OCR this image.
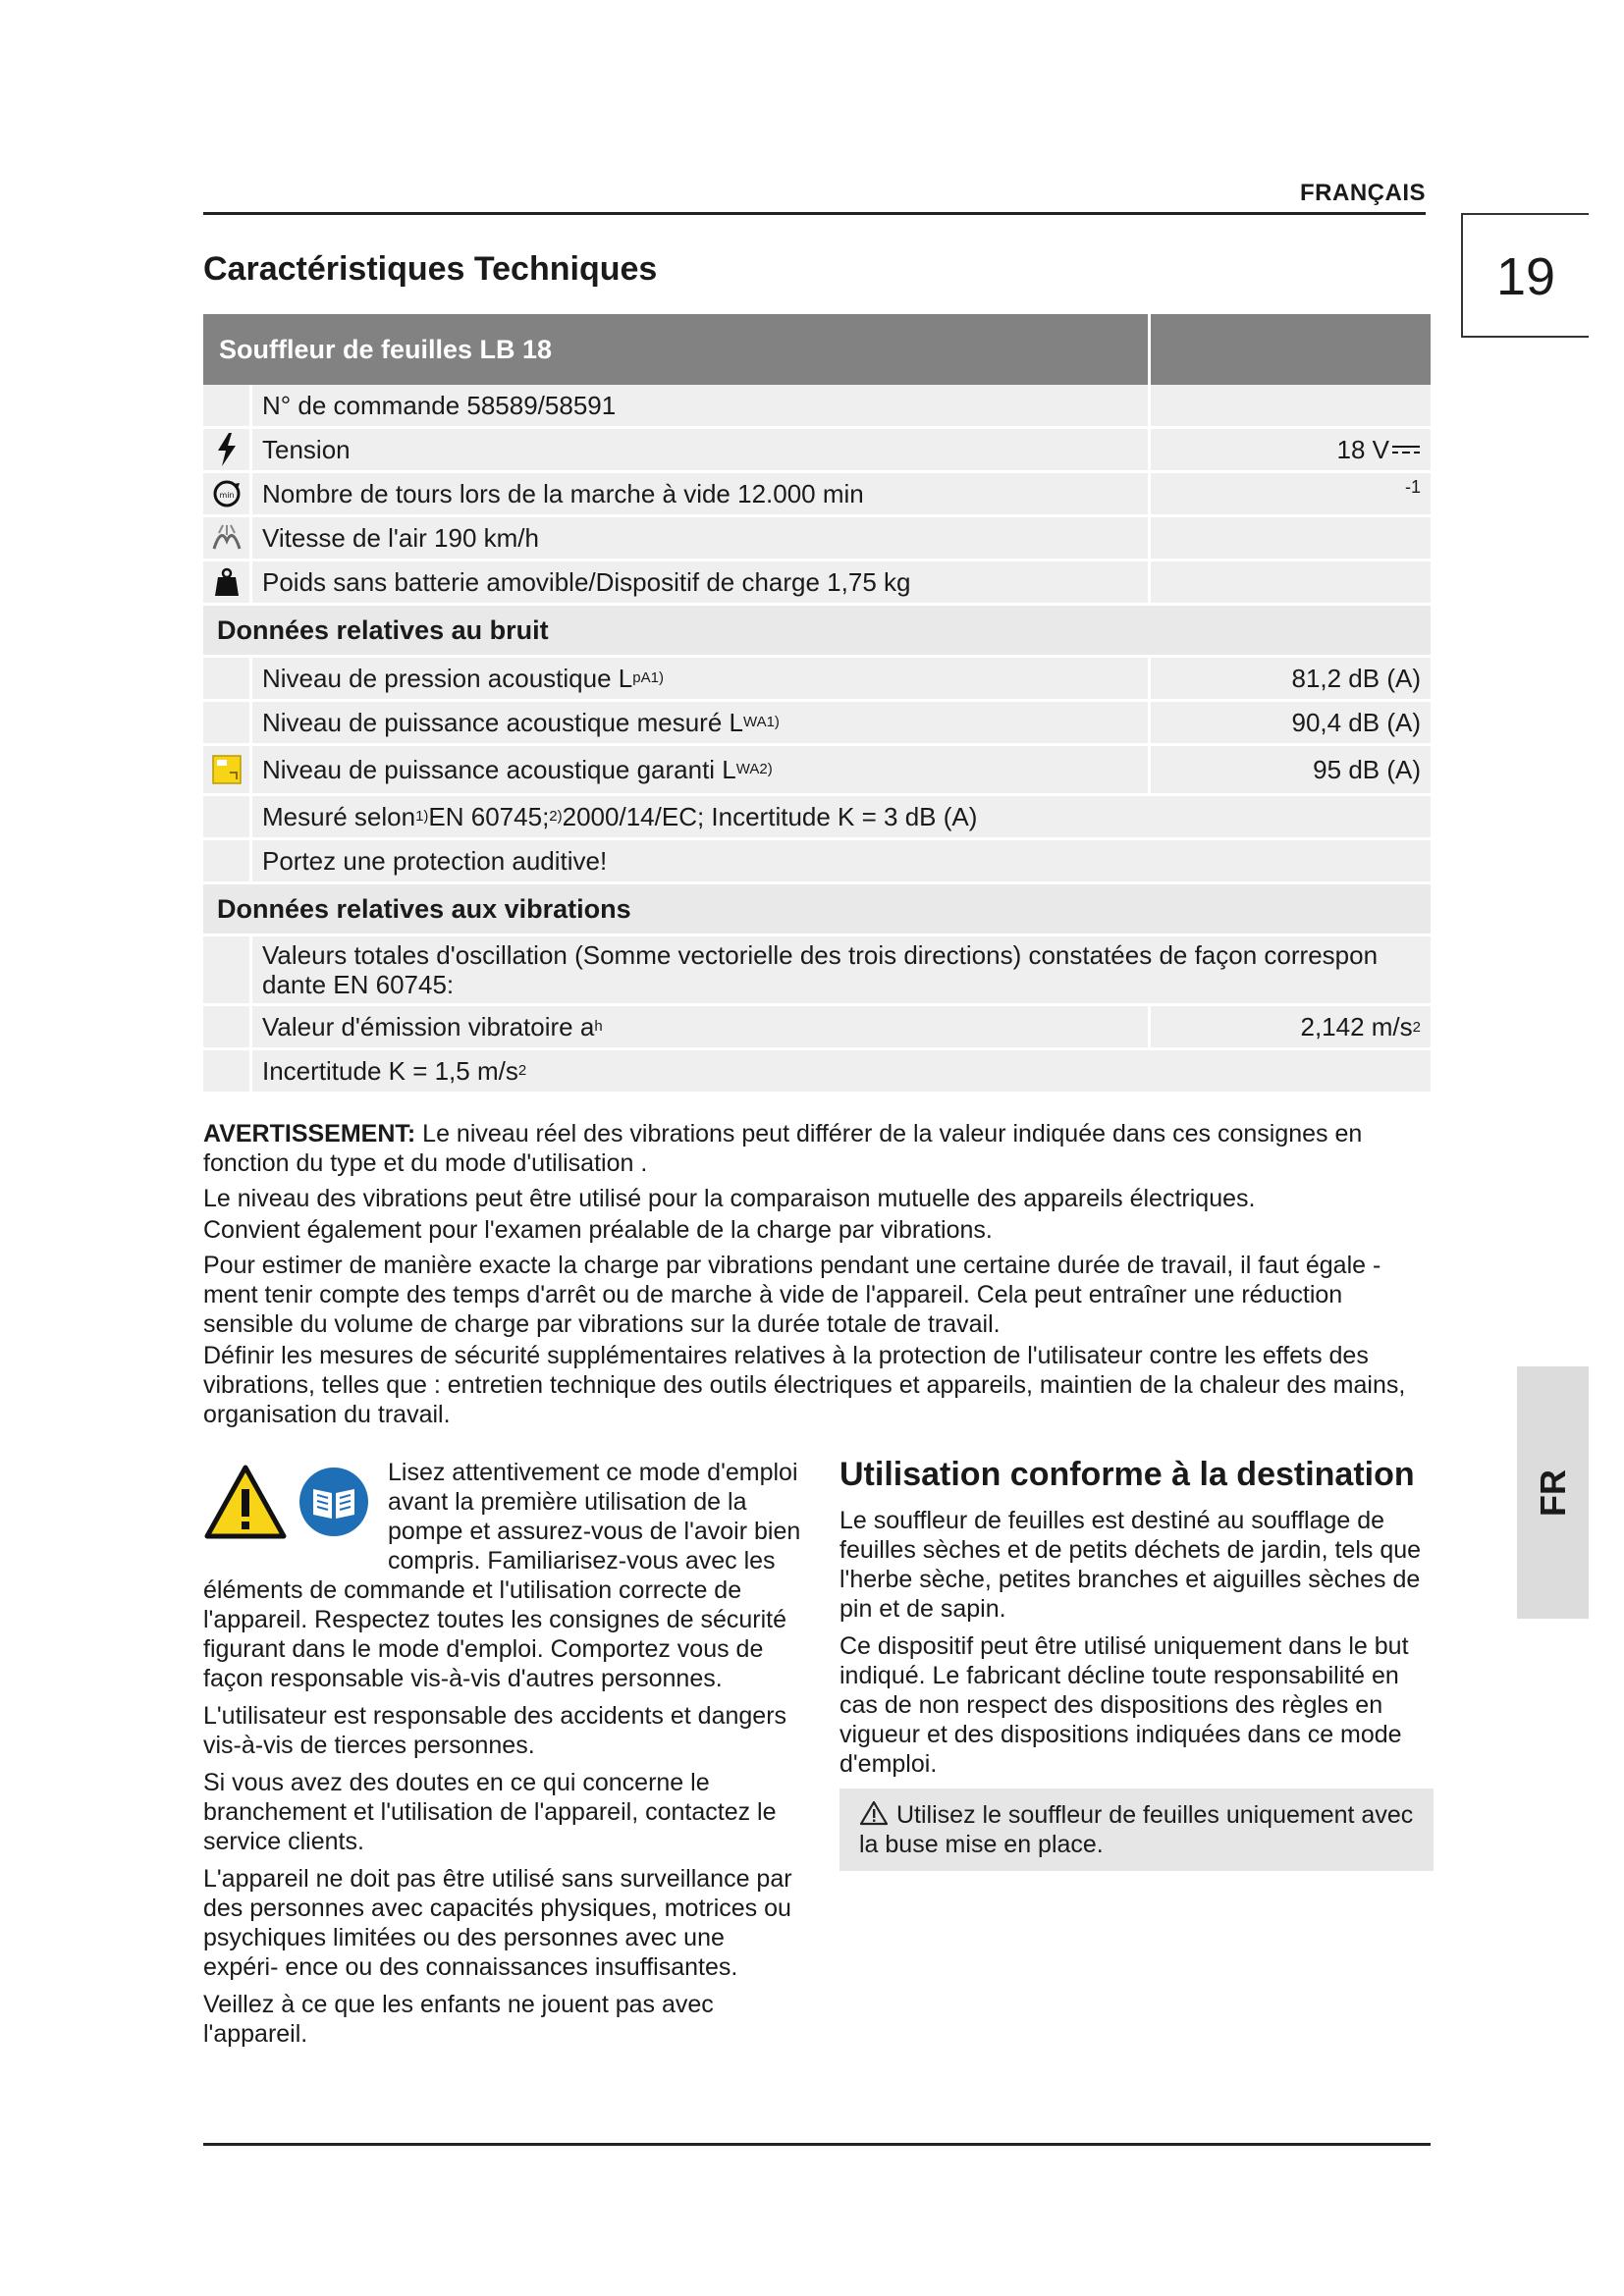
FRANÇAIS
19
Caractéristiques Techniques
Souffleur de feuilles LB 18
N° de commande 58589/58591
Tension	18 V
min	Nombre de tours lors de la marche à vide 12.000 min	-1
Vitesse de l'air 190 km/h
Poids sans batterie amovible/Dispositif de charge 1,75 kg
Données relatives au bruit
Niveau de pression acoustique L pA 1)	81,2 dB (A)
Niveau de puissance acoustique mesuré L WA 1)	90,4 dB (A)
Niveau de puissance acoustique garanti L WA 2)	95 dB (A)
Mesuré selon 1) EN 60745; 2) 2000/14/EC; Incertitude K = 3 dB (A)
Portez une protection auditive!
Données relatives aux vibrations
Valeurs totales d'oscillation (Somme vectorielle des trois directions) constatées de façon correspon dante EN 60745:
Valeur d'émission vibratoire a h	2,142 m/s 2
Incertitude K = 1,5 m/s 2

AVERTISSEMENT: Le niveau réel des vibrations peut différer de la valeur indiquée dans ces consignes en fonction du type et du mode d'utilisation .

Le niveau des vibrations peut être utilisé pour la comparaison mutuelle des appareils électriques.

Convient également pour l'examen préalable de la charge par vibrations.

Pour estimer de manière exacte la charge par vibrations pendant une certaine durée de travail, il faut égale - ment tenir compte des temps d'arrêt ou de marche à vide de l'appareil. Cela peut entraîner une réduction sensible du volume de charge par vibrations sur la durée totale de travail.

Définir les mesures de sécurité supplémentaires relatives à la protection de l'utilisateur contre les effets des vibrations, telles que : entretien technique des outils électriques et appareils, maintien de la chaleur des mains, organisation du travail.

Lisez attentivement ce mode d'emploi avant la première utilisation de la pompe et assurez-vous de l'avoir bien compris. Familiarisez-vous avec les éléments de commande et l'utilisation correcte de l'appareil. Respectez toutes les consignes de sécurité figurant dans le mode d'emploi. Comportez vous de façon responsable vis-à-vis d'autres personnes.

L'utilisateur est responsable des accidents et dangers vis-à-vis de tierces personnes.

Si vous avez des doutes en ce qui concerne le branchement et l'utilisation de l'appareil, contactez le service clients.

L'appareil ne doit pas être utilisé sans surveillance par des personnes avec capacités physiques, motrices ou psychiques limitées ou des personnes avec une expéri- ence ou des connaissances insuffisantes.

Veillez à ce que les enfants ne jouent pas avec l'appareil.

Utilisation conforme à la destination

Le souffleur de feuilles est destiné au soufflage de feuilles sèches et de petits déchets de jardin, tels que l'herbe sèche, petites branches et aiguilles sèches de pin et de sapin.

Ce dispositif peut être utilisé uniquement dans le but indiqué. Le fabricant décline toute responsabilité en cas de non respect des dispositions des règles en vigueur et des dispositions indiquées dans ce mode d'emploi.

Utilisez le souffleur de feuilles uniquement avec la buse mise en place.
FR
